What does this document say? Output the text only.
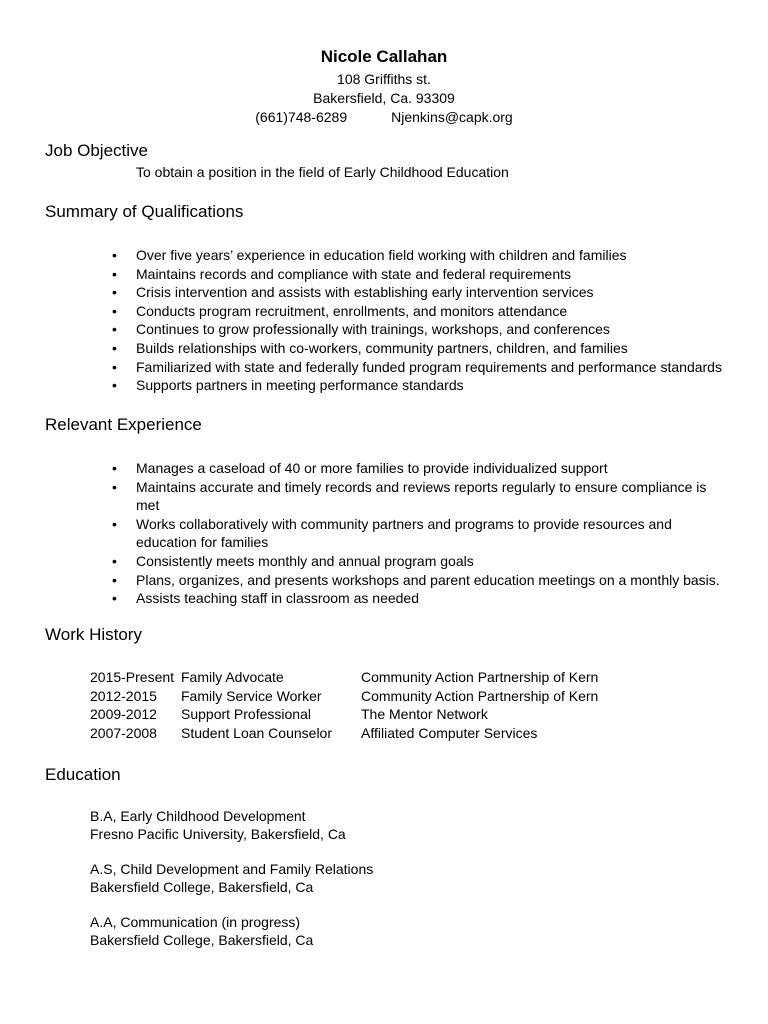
Nicole Callahan
108 Griffiths st.
Bakersfield, Ca. 93309
(661)748-6289	Njenkins@capk.org
Job Objective
To obtain a position in the field of Early Childhood Education
Summary of Qualifications
• Over five years’ experience in education field working with children and families
• Maintains records and compliance with state and federal requirements
• Crisis intervention and assists with establishing early intervention services
• Conducts program recruitment, enrollments, and monitors attendance
• Continues to grow professionally with trainings, workshops, and conferences
• Builds relationships with co-workers, community partners, children, and families
• Familiarized with state and federally funded program requirements and performance standards
• Supports partners in meeting performance standards
Relevant Experience
• Manages a caseload of 40 or more families to provide individualized support
• Maintains accurate and timely records and reviews reports regularly to ensure compliance is met
• Works collaboratively with community partners and programs to provide resources and education for families
• Consistently meets monthly and annual program goals
• Plans, organizes, and presents workshops and parent education meetings on a monthly basis.
• Assists teaching staff in classroom as needed
Work History
2015-Present Family Advocate	Community Action Partnership of Kern
2012-2015	Family Service Worker	Community Action Partnership of Kern
2009-2012	Support Professional	The Mentor Network
2007-2008	Student Loan Counselor	Affiliated Computer Services
Education
B.A, Early Childhood Development
Fresno Pacific University, Bakersfield, Ca
A.S, Child Development and Family Relations
Bakersfield College, Bakersfield, Ca
A.A, Communication (in progress)
Bakersfield College, Bakersfield, Ca
